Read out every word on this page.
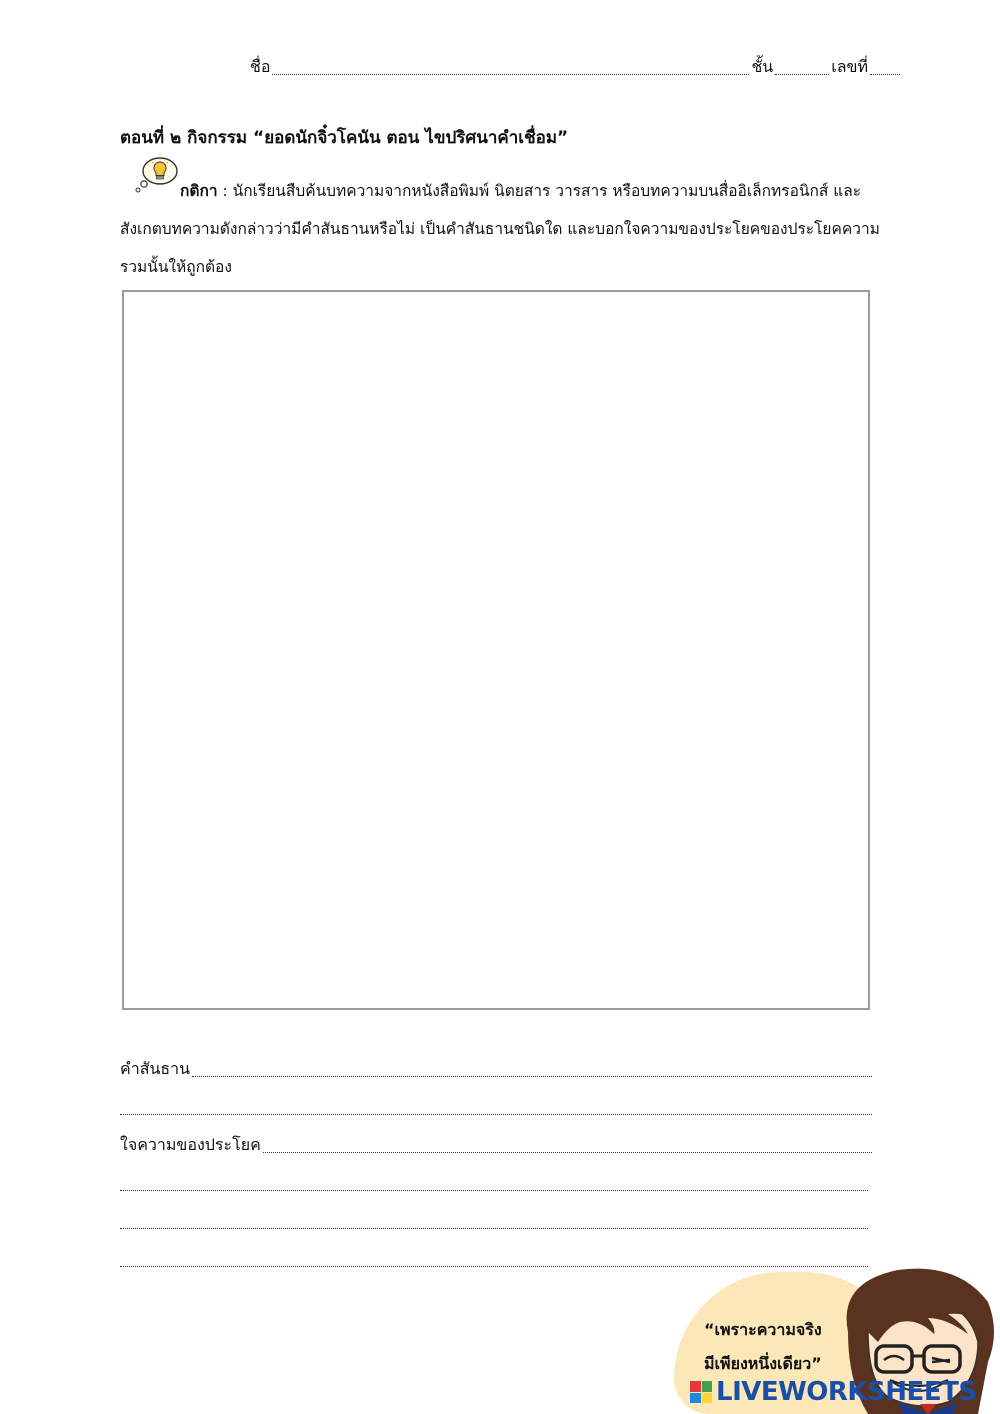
ชื่อ	ชั้น	เลขที่
ตอนที่ ๒ กิจกรรม “ยอดนักจิ๋วโคนัน ตอน ไขปริศนาคำเชื่อม”
กติกา : นักเรียนสืบค้นบทความจากหนังสือพิมพ์ นิตยสาร วารสาร หรือบทความบนสื่ออิเล็กทรอนิกส์ และสังเกตบทความดังกล่าวว่ามีคำสันธานหรือไม่ เป็นคำสันธานชนิดใด และบอกใจความของประโยคของประโยคความรวมนั้นให้ถูกต้อง
คำสันธาน
ใจความของประโยค
“เพราะความจริง
มีเพียงหนึ่งเดียว”
LIVEWORKSHEETS
